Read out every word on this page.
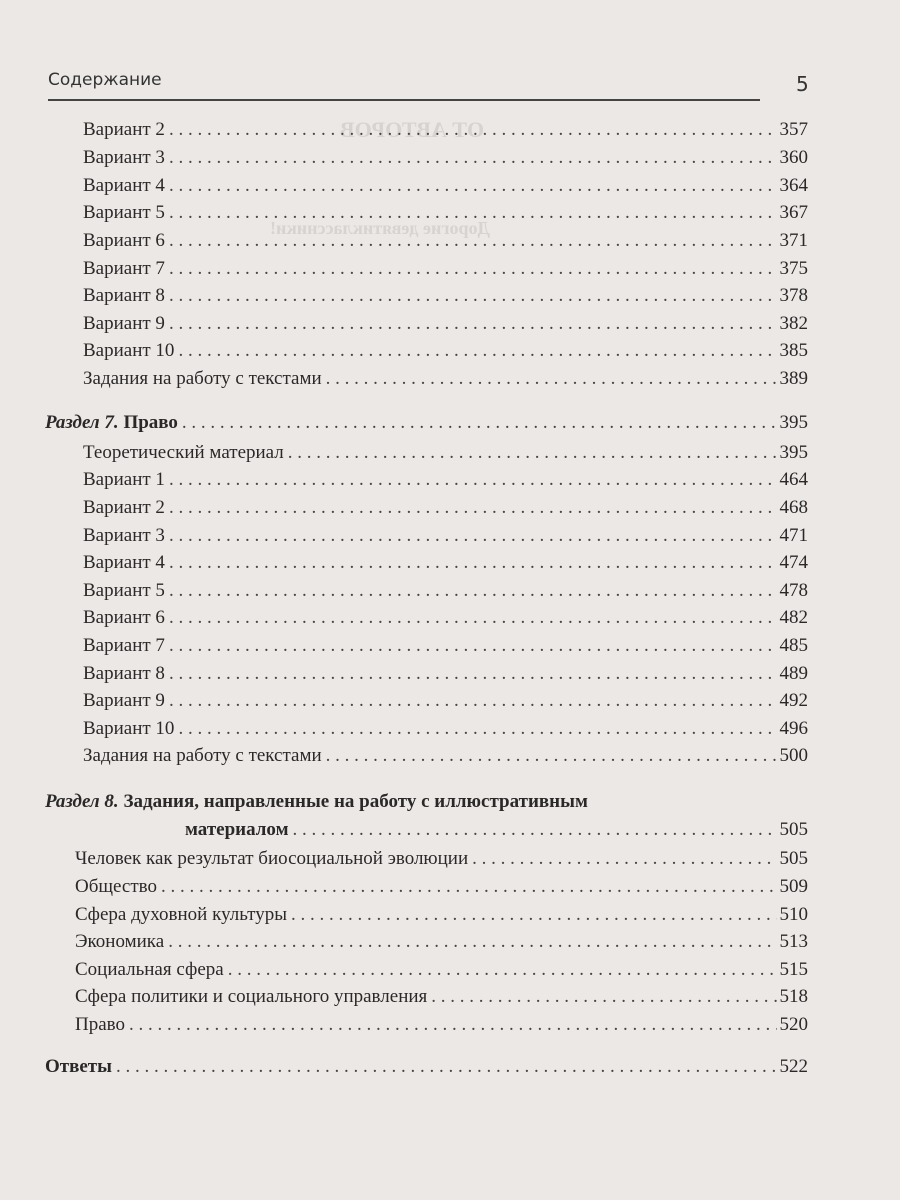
ОТ АВТОРОВ
Дорогие девятиклассники!
Содержание	5
Вариант 2 . . .	357
Вариант 3 . . .	360
Вариант 4 . . .	364
Вариант 5 . . .	367
Вариант 6 . . .	371
Вариант 7 . . .	375
Вариант 8 . . .	378
Вариант 9 . . .	382
Вариант 10 . . .	385
Задания на работу с текстами . . .	389
Раздел 7. Право . . .	395
Теоретический материал . . .	395
Вариант 1 . . .	464
Вариант 2 . . .	468
Вариант 3 . . .	471
Вариант 4 . . .	474
Вариант 5 . . .	478
Вариант 6 . . .	482
Вариант 7 . . .	485
Вариант 8 . . .	489
Вариант 9 . . .	492
Вариант 10 . . .	496
Задания на работу с текстами . . .	500
Раздел 8. Задания, направленные на работу с иллюстративным
материалом . . .	505
Человек как результат биосоциальной эволюции . . .	505
Общество . . .	509
Сфера духовной культуры . . .	510
Экономика . . .	513
Социальная сфера . . .	515
Сфера политики и социального управления . . .	518
Право . . .	520
Ответы . . .	522
